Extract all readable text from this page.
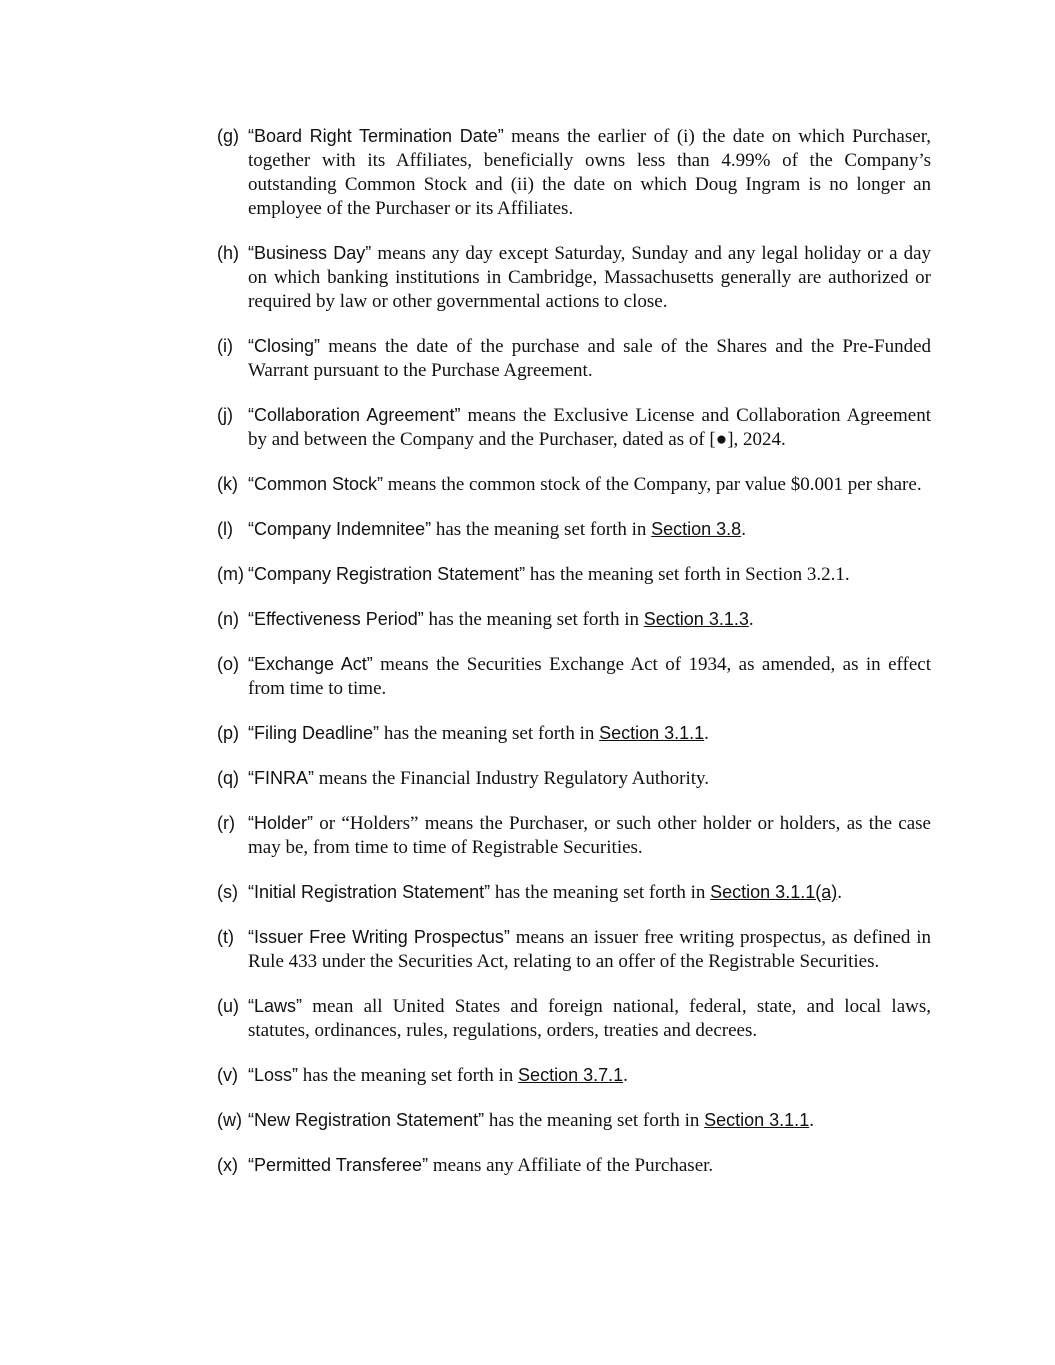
(g) “Board Right Termination Date” means the earlier of (i) the date on which Purchaser, together with its Affiliates, beneficially owns less than 4.99% of the Company’s outstanding Common Stock and (ii) the date on which Doug Ingram is no longer an employee of the Purchaser or its Affiliates.
(h) “Business Day” means any day except Saturday, Sunday and any legal holiday or a day on which banking institutions in Cambridge, Massachusetts generally are authorized or required by law or other governmental actions to close.
(i) “Closing” means the date of the purchase and sale of the Shares and the Pre-Funded Warrant pursuant to the Purchase Agreement.
(j) “Collaboration Agreement” means the Exclusive License and Collaboration Agreement by and between the Company and the Purchaser, dated as of [●], 2024.
(k) “Common Stock” means the common stock of the Company, par value $0.001 per share.
(l) “Company Indemnitee” has the meaning set forth in Section 3.8.
(m) “Company Registration Statement” has the meaning set forth in Section 3.2.1.
(n) “Effectiveness Period” has the meaning set forth in Section 3.1.3.
(o) “Exchange Act” means the Securities Exchange Act of 1934, as amended, as in effect from time to time.
(p) “Filing Deadline” has the meaning set forth in Section 3.1.1.
(q) “FINRA” means the Financial Industry Regulatory Authority.
(r) “Holder” or “Holders” means the Purchaser, or such other holder or holders, as the case may be, from time to time of Registrable Securities.
(s) “Initial Registration Statement” has the meaning set forth in Section 3.1.1(a).
(t) “Issuer Free Writing Prospectus” means an issuer free writing prospectus, as defined in Rule 433 under the Securities Act, relating to an offer of the Registrable Securities.
(u) “Laws” mean all United States and foreign national, federal, state, and local laws, statutes, ordinances, rules, regulations, orders, treaties and decrees.
(v) “Loss” has the meaning set forth in Section 3.7.1.
(w) “New Registration Statement” has the meaning set forth in Section 3.1.1.
(x) “Permitted Transferee” means any Affiliate of the Purchaser.
